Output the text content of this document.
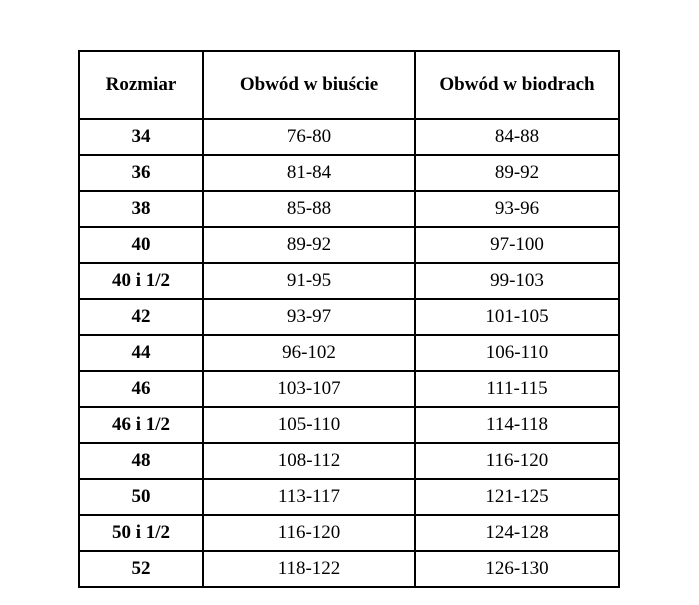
Rozmiar	Obwód w biuście	Obwód w biodrach
34	76-80	84-88
36	81-84	89-92
38	85-88	93-96
40	89-92	97-100
40 i 1/2	91-95	99-103
42	93-97	101-105
44	96-102	106-110
46	103-107	111-115
46 i 1/2	105-110	114-118
48	108-112	116-120
50	113-117	121-125
50 i 1/2	116-120	124-128
52	118-122	126-130
